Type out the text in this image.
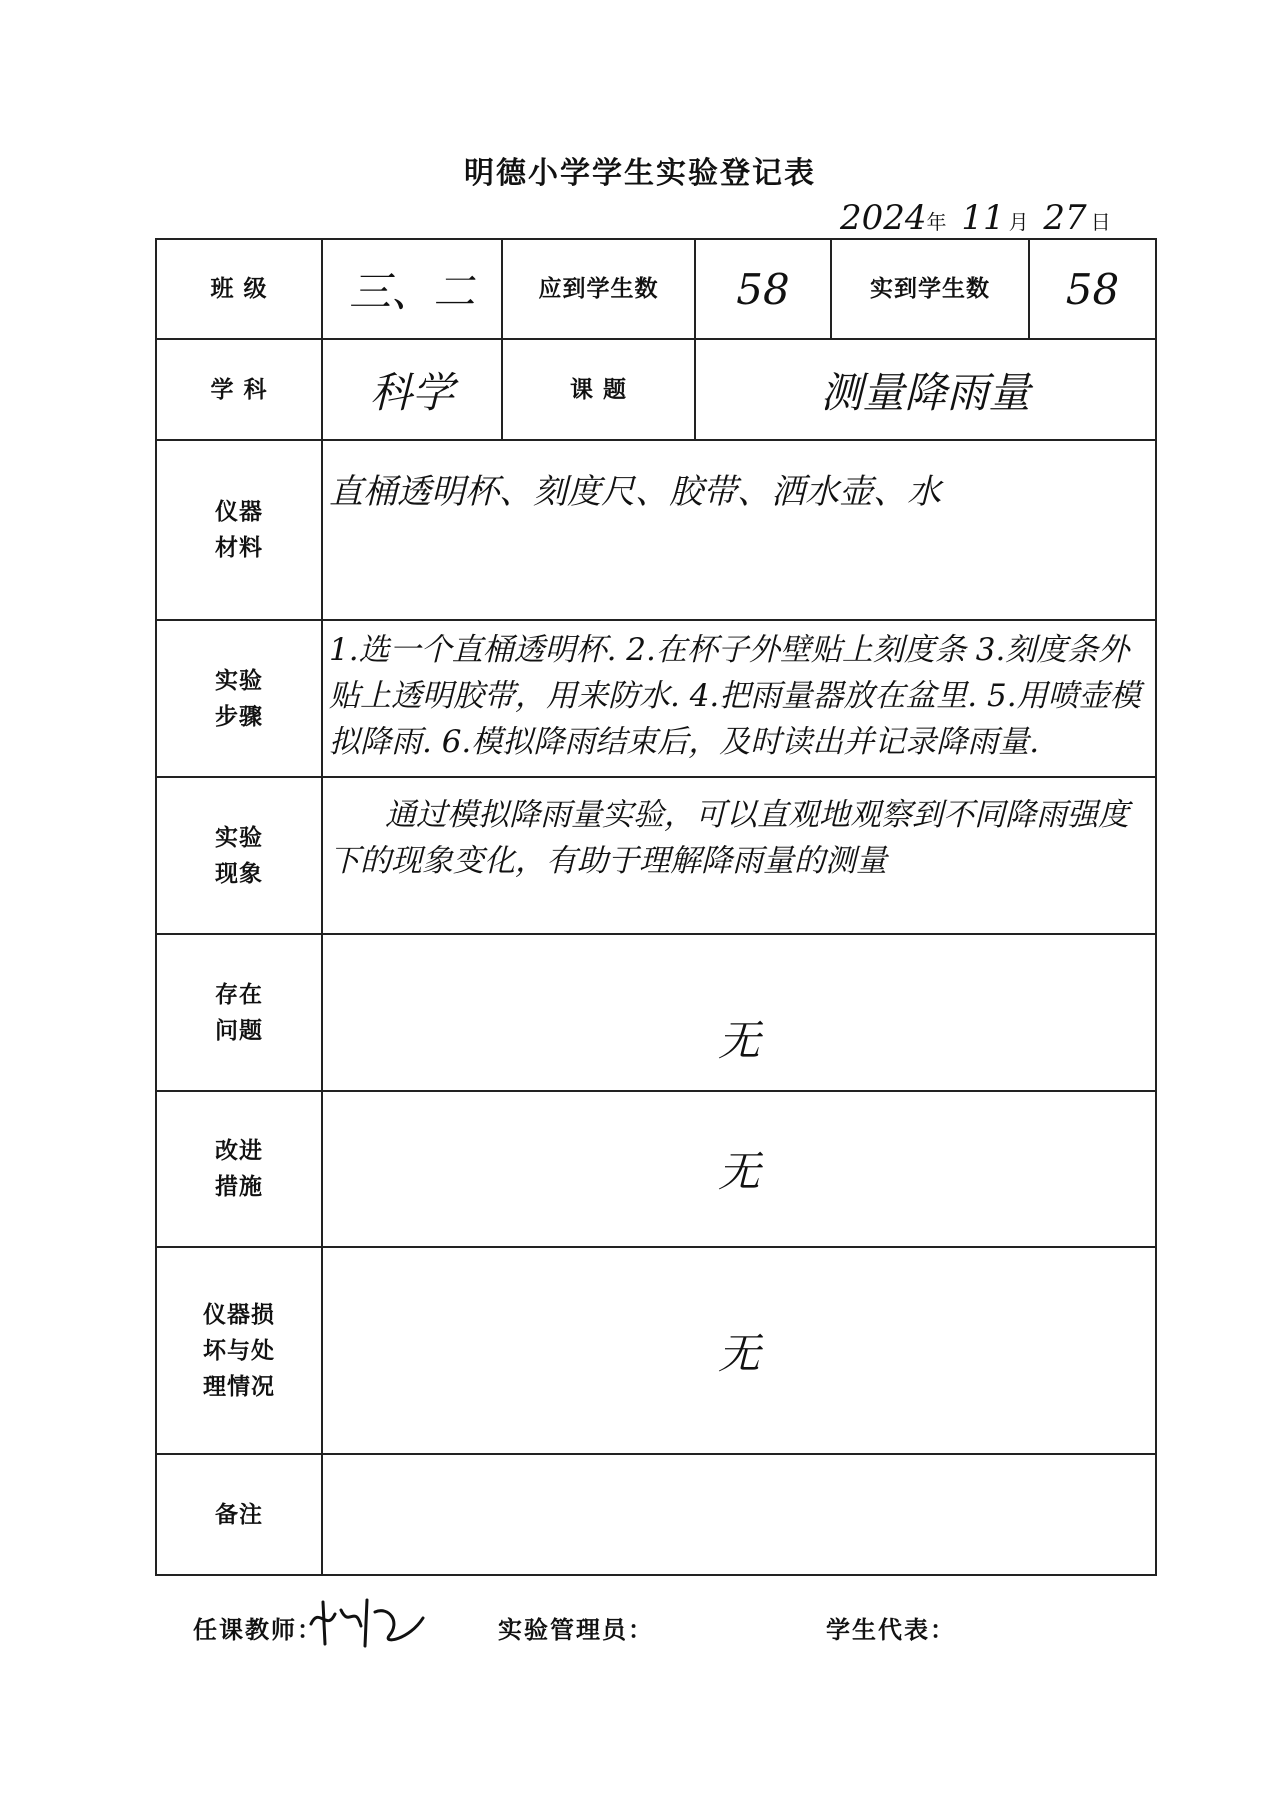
明德小学学生实验登记表
2024年 11 月 27 日
班 级	三、二	应到学生数	58	实到学生数	58
学 科	科学	课 题	测量降雨量		
仪器
材料	直桶透明杯、刻度尺、胶带、洒水壶、水				
实验
步骤	1.选一个直桶透明杯. 2.在杯子外壁贴上刻度条 3.刻度条外贴上透明胶带，用来防水. 4.把雨量器放在盆里. 5.用喷壶模拟降雨. 6.模拟降雨结束后，及时读出并记录降雨量.				
实验
现象	通过模拟降雨量实验，可以直观地观察到不同降雨强度下的现象变化，有助于理解降雨量的测量				
存在
问题	无				
改进
措施	无				
仪器损
坏与处
理情况	无				
备注					
任课教师：	实验管理员：	学生代表：
